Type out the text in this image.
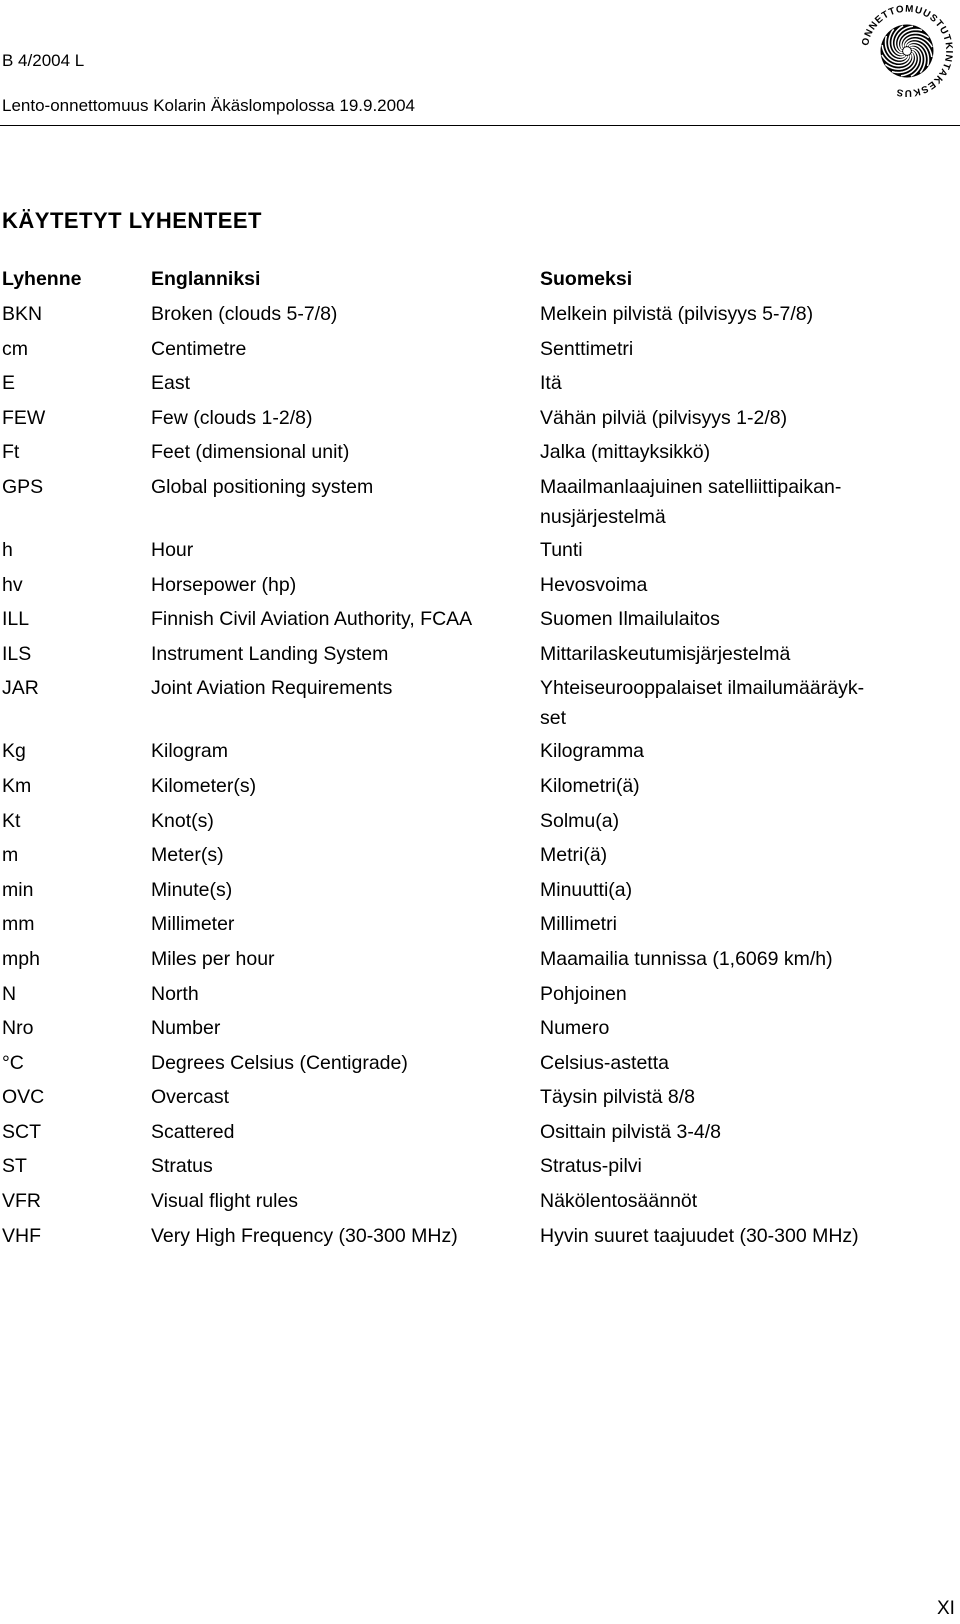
B 4/2004 L
Lento-onnettomuus Kolarin Äkäslompolossa 19.9.2004
ONNETTOMUUSTUTKINTAKESKUS
KÄYTETYT LYHENTEET
Lyhenne	Englanniksi	Suomeksi
BKN	Broken (clouds 5-7/8)	Melkein pilvistä (pilvisyys 5-7/8)
cm	Centimetre	Senttimetri
E	East	Itä
FEW	Few (clouds 1-2/8)	Vähän pilviä (pilvisyys 1-2/8)
Ft	Feet (dimensional unit)	Jalka (mittayksikkö)
GPS	Global positioning system	Maailmanlaajuinen satelliittipaikan-
nusjärjestelmä
h	Hour	Tunti
hv	Horsepower (hp)	Hevosvoima
ILL	Finnish Civil Aviation Authority, FCAA	Suomen Ilmailulaitos
ILS	Instrument Landing System	Mittarilaskeutumisjärjestelmä
JAR	Joint Aviation Requirements	Yhteiseurooppalaiset ilmailumääräyk-
set
Kg	Kilogram	Kilogramma
Km	Kilometer(s)	Kilometri(ä)
Kt	Knot(s)	Solmu(a)
m	Meter(s)	Metri(ä)
min	Minute(s)	Minuutti(a)
mm	Millimeter	Millimetri
mph	Miles per hour	Maamailia tunnissa (1,6069 km/h)
N	North	Pohjoinen
Nro	Number	Numero
°C	Degrees Celsius (Centigrade)	Celsius-astetta
OVC	Overcast	Täysin pilvistä 8/8
SCT	Scattered	Osittain pilvistä 3-4/8
ST	Stratus	Stratus-pilvi
VFR	Visual flight rules	Näkölentosäännöt
VHF	Very High Frequency (30-300 MHz)	Hyvin suuret taajuudet (30-300 MHz)
XI
